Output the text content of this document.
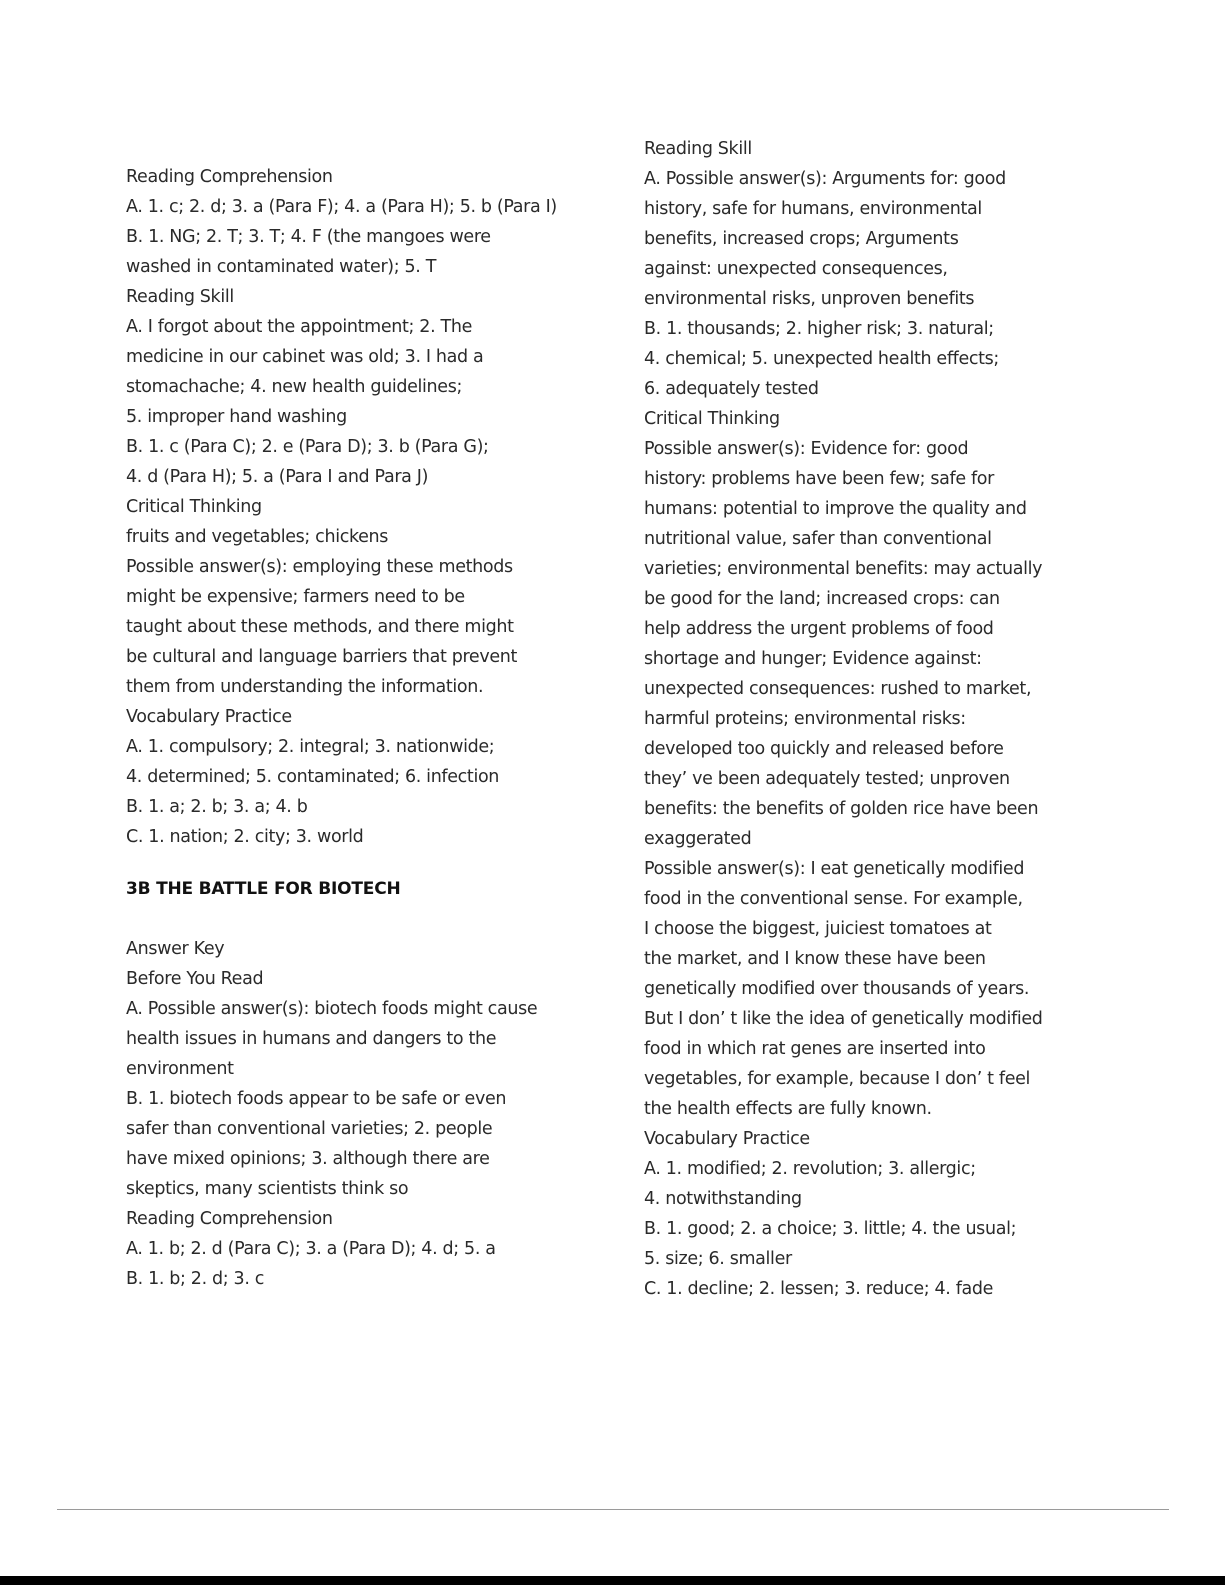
Reading Comprehension
A. 1. c; 2. d; 3. a (Para F); 4. a (Para H); 5. b (Para I)
B. 1. NG; 2. T; 3. T; 4. F (the mangoes were
washed in contaminated water); 5. T
Reading Skill
A. I forgot about the appointment; 2. The
medicine in our cabinet was old; 3. I had a
stomachache; 4. new health guidelines;
5. improper hand washing
B. 1. c (Para C); 2. e (Para D); 3. b (Para G);
4. d (Para H); 5. a (Para I and Para J)
Critical Thinking
fruits and vegetables; chickens
Possible answer(s): employing these methods
might be expensive; farmers need to be
taught about these methods, and there might
be cultural and language barriers that prevent
them from understanding the information.
Vocabulary Practice
A. 1. compulsory; 2. integral; 3. nationwide;
4. determined; 5. contaminated; 6. infection
B. 1. a; 2. b; 3. a; 4. b
C. 1. nation; 2. city; 3. world
3B THE BATTLE FOR BIOTECH
Answer Key
Before You Read
A. Possible answer(s): biotech foods might cause
health issues in humans and dangers to the
environment
B. 1. biotech foods appear to be safe or even
safer than conventional varieties; 2. people
have mixed opinions; 3. although there are
skeptics, many scientists think so
Reading Comprehension
A. 1. b; 2. d (Para C); 3. a (Para D); 4. d; 5. a
B. 1. b; 2. d; 3. c
Reading Skill
A. Possible answer(s): Arguments for: good
history, safe for humans, environmental
benefits, increased crops; Arguments
against: unexpected consequences,
environmental risks, unproven benefits
B. 1. thousands; 2. higher risk; 3. natural;
4. chemical; 5. unexpected health effects;
6. adequately tested
Critical Thinking
Possible answer(s): Evidence for: good
history: problems have been few; safe for
humans: potential to improve the quality and
nutritional value, safer than conventional
varieties; environmental benefits: may actually
be good for the land; increased crops: can
help address the urgent problems of food
shortage and hunger; Evidence against:
unexpected consequences: rushed to market,
harmful proteins; environmental risks:
developed too quickly and released before
they’ ve been adequately tested; unproven
benefits: the benefits of golden rice have been
exaggerated
Possible answer(s): I eat genetically modified
food in the conventional sense. For example,
I choose the biggest, juiciest tomatoes at
the market, and I know these have been
genetically modified over thousands of years.
But I don’ t like the idea of genetically modified
food in which rat genes are inserted into
vegetables, for example, because I don’ t feel
the health effects are fully known.
Vocabulary Practice
A. 1. modified; 2. revolution; 3. allergic;
4. notwithstanding
B. 1. good; 2. a choice; 3. little; 4. the usual;
5. size; 6. smaller
C. 1. decline; 2. lessen; 3. reduce; 4. fade
